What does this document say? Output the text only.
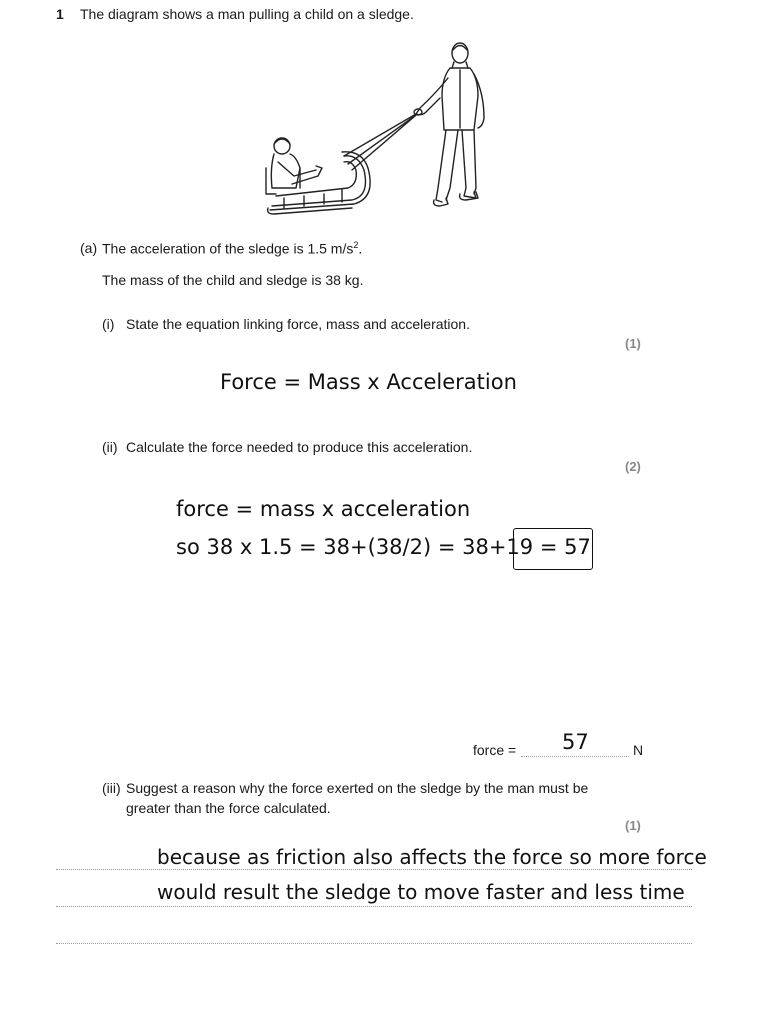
1 The diagram shows a man pulling a child on a sledge.
(a) The acceleration of the sledge is 1.5 $m/s^2$.
The mass of the child and sledge is 38 kg.
(i) State the equation linking force, mass and acceleration.
(1)
Force = Mass x Acceleration
(ii) Calculate the force needed to produce this acceleration.
(2)
force = mass x acceleration
so 38 x 1.5 = 38+(38/2) = 38+19 = 57
force = 57	N
(iii) Suggest a reason why the force exerted on the sledge by the man must be
greater than the force calculated.
(1)
because as friction also affects the force so more force
would result the sledge to move faster and less time
